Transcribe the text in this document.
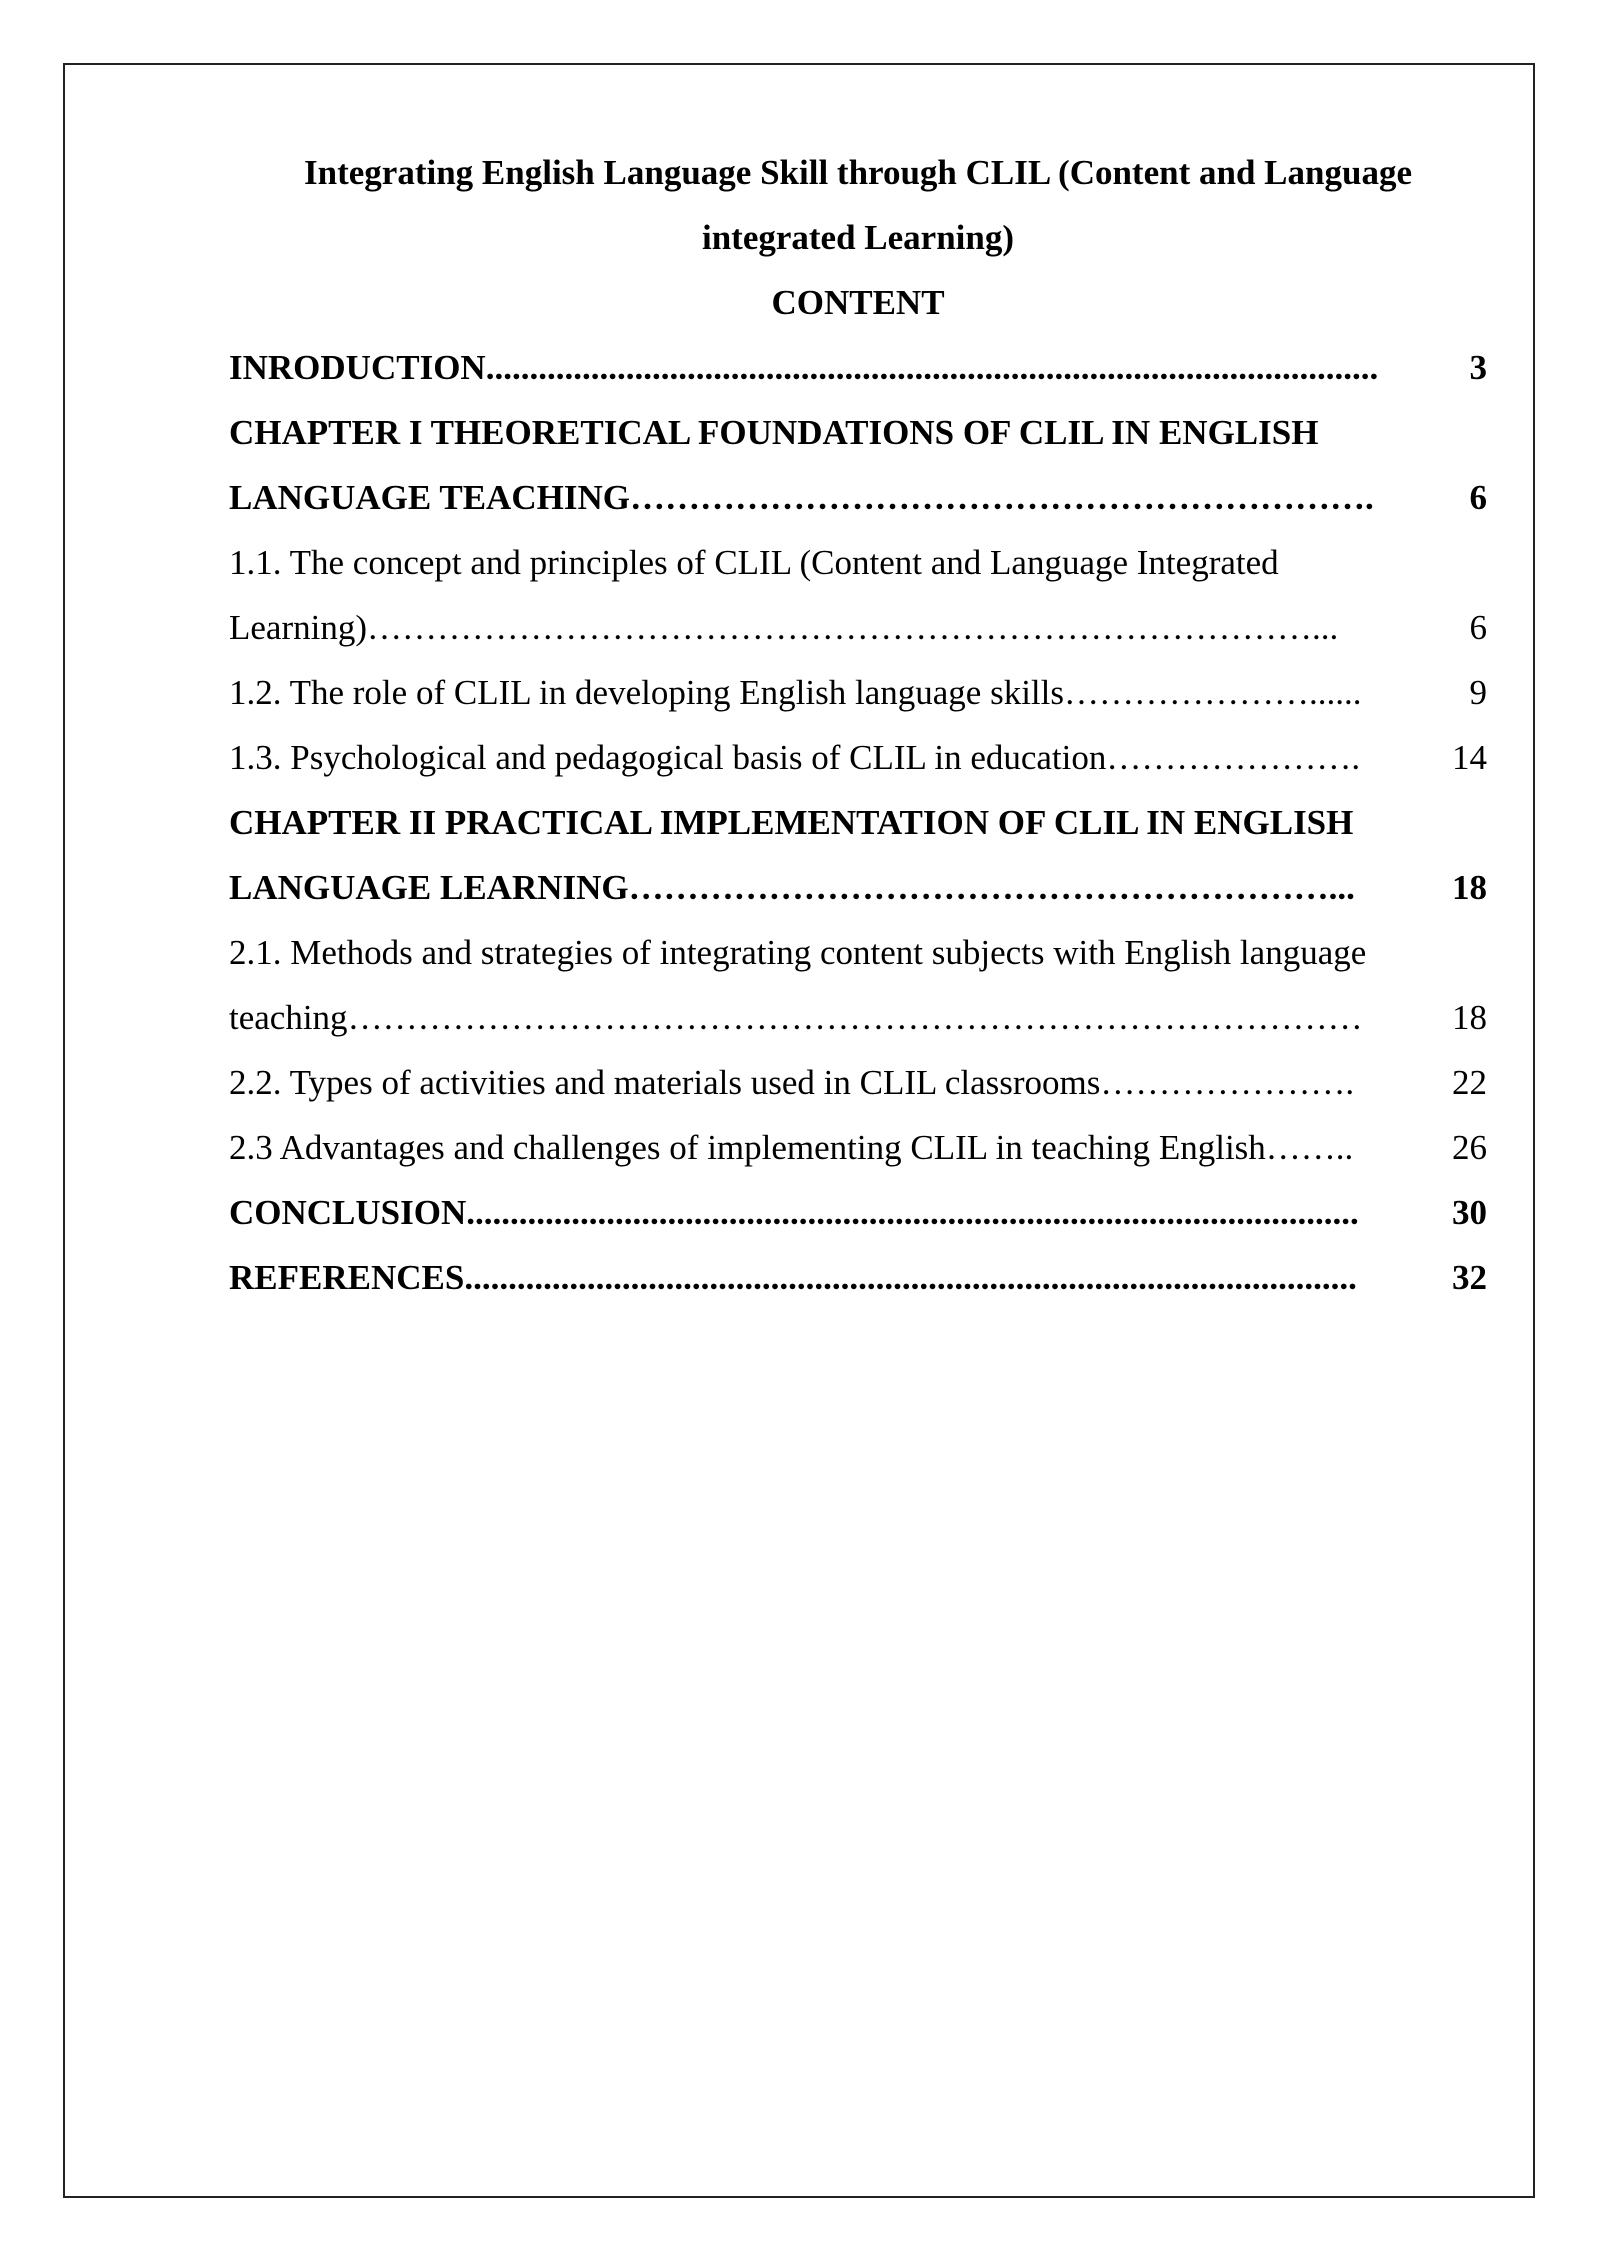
Integrating English Language Skill through CLIL (Content and Language
integrated Learning)
CONTENT
INRODUCTION ......................................................................................................	3
CHAPTER I THEORETICAL FOUNDATIONS OF CLIL IN ENGLISH
LANGUAGE TEACHING ……………………………………………………….	6
1.1. The concept and principles of CLIL (Content and Language Integrated
Learning) ………………………………………………………………………...	6
1.2. The role of CLIL in developing English language skills …………………......	9
1.3. Psychological and pedagogical basis of CLIL in education ………………….	14
CHAPTER II PRACTICAL IMPLEMENTATION OF CLIL IN ENGLISH
LANGUAGE LEARNING ……………………………………………………...	18
2.1. Methods and strategies of integrating content subjects with English language
teaching ……………………………………………………………………………	18
2.2. Types of activities and materials used in CLIL classrooms ………………….	22
2.3 Advantages and challenges of implementing CLIL in teaching English ……..	26
CONCLUSION ......................................................................................................	30
REFERENCES ......................................................................................................	32
